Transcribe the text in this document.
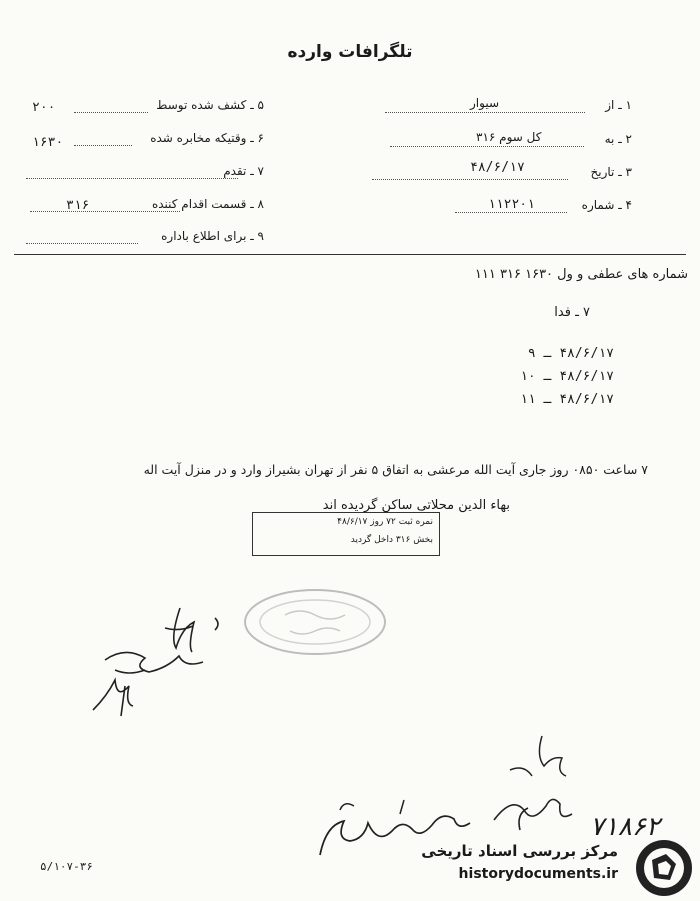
تلگرافات وارده
۱ ـ از
سیوار
۲ ـ به
کل سوم ۳۱۶
۳ ـ تاریخ
۴۸/۶/۱۷
۴ ـ شماره
۱۱۲۲۰۱
۵ ـ کشف شده توسط
۲۰۰
۶ ـ وقتیکه مخابره شده
۱۶۳۰
۷ ـ تقدم
۸ ـ قسمت اقدام کننده
۳۱۶
۹ ـ برای اطلاع باداره
شماره های عطفی و ول ۱۶۳۰ ۳۱۶ ۱۱۱
۷ ـ فدا
۴۸/۶/۱۷ ـ ۹
۴۸/۶/۱۷ ـ ۱۰
۴۸/۶/۱۷ ـ ۱۱
۷ ساعت ۰۸۵۰ روز جاری آیت الله مرعشی به اتفاق ۵ نفر از تهران بشیراز وارد و در منزل آیت اله
بهاء الدین محلاتی ساکن گردیده اند
نمره ثبت ۷۲ روز ۴۸/۶/۱۷
بخش ۳۱۶ داخل گردید
۷۱۸۶۲
۵/۱۰۷-۳۶
مرکز بررسی اسناد تاریخی
historydocuments.ir
